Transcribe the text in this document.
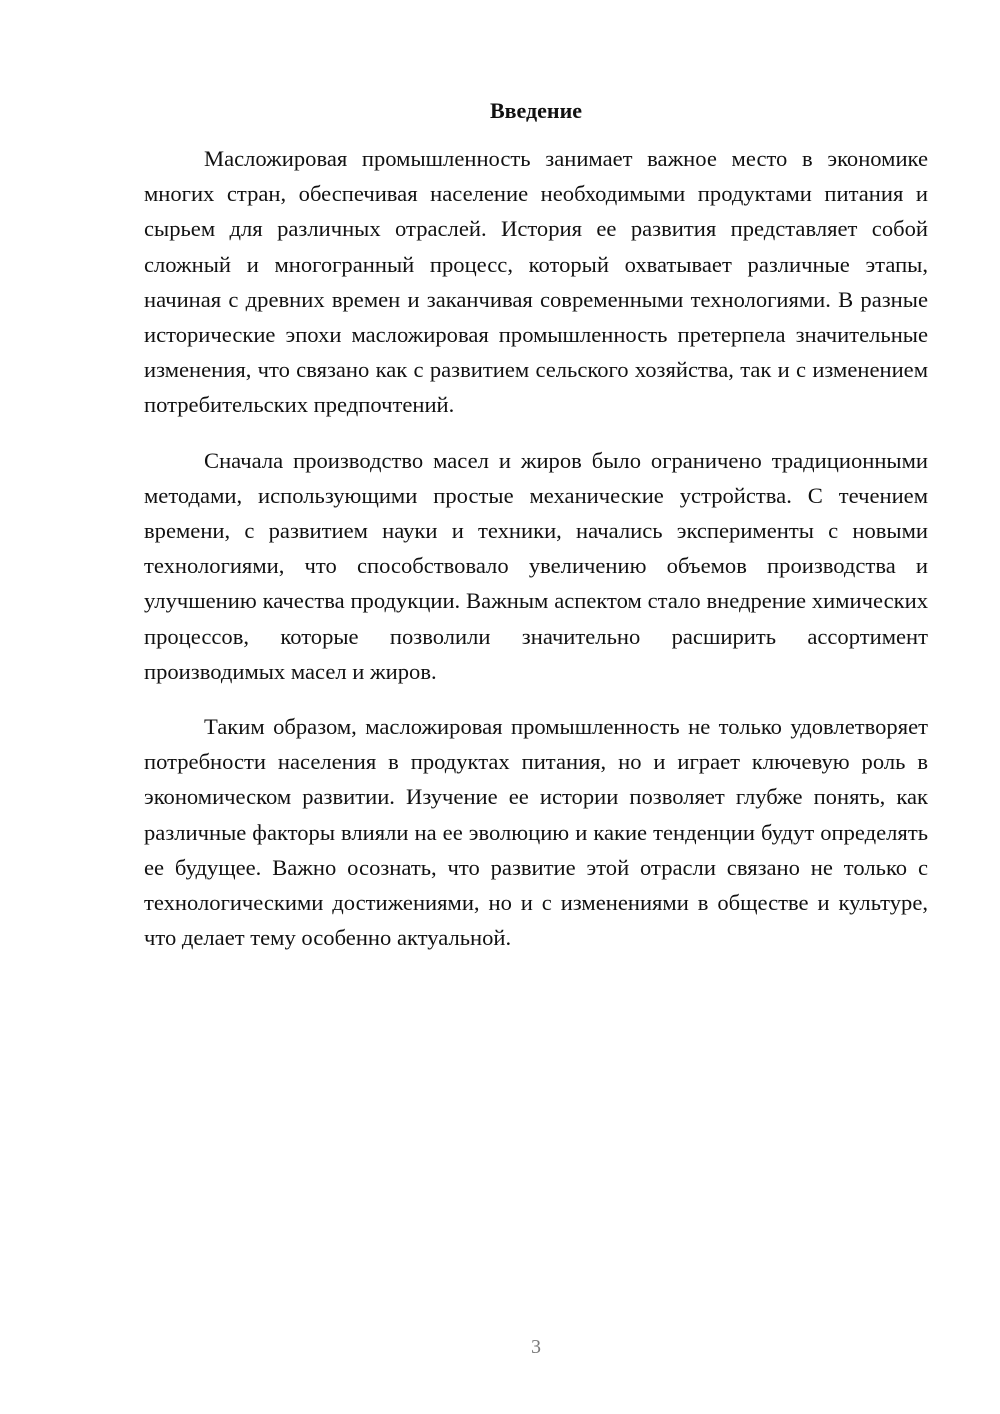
Введение

Масложировая промышленность занимает важное место в экономике многих стран, обеспечивая население необходимыми продуктами питания и сырьем для различных отраслей. История ее развития представляет собой сложный и многогранный процесс, который охватывает различные этапы, начиная с древних времен и заканчивая современными технологиями. В разные исторические эпохи масложировая промышленность претерпела значительные изменения, что связано как с развитием сельского хозяйства, так и с изменением потребительских предпочтений.

Сначала производство масел и жиров было ограничено традиционными методами, использующими простые механические устройства. С течением времени, с развитием науки и техники, начались эксперименты с новыми технологиями, что способствовало увеличению объемов производства и улучшению качества продукции. Важным аспектом стало внедрение химических процессов, которые позволили значительно расширить ассортимент производимых масел и жиров.

Таким образом, масложировая промышленность не только удовлетворяет потребности населения в продуктах питания, но и играет ключевую роль в экономическом развитии. Изучение ее истории позволяет глубже понять, как различные факторы влияли на ее эволюцию и какие тенденции будут определять ее будущее. Важно осознать, что развитие этой отрасли связано не только с технологическими достижениями, но и с изменениями в обществе и культуре, что делает тему особенно актуальной.

3
